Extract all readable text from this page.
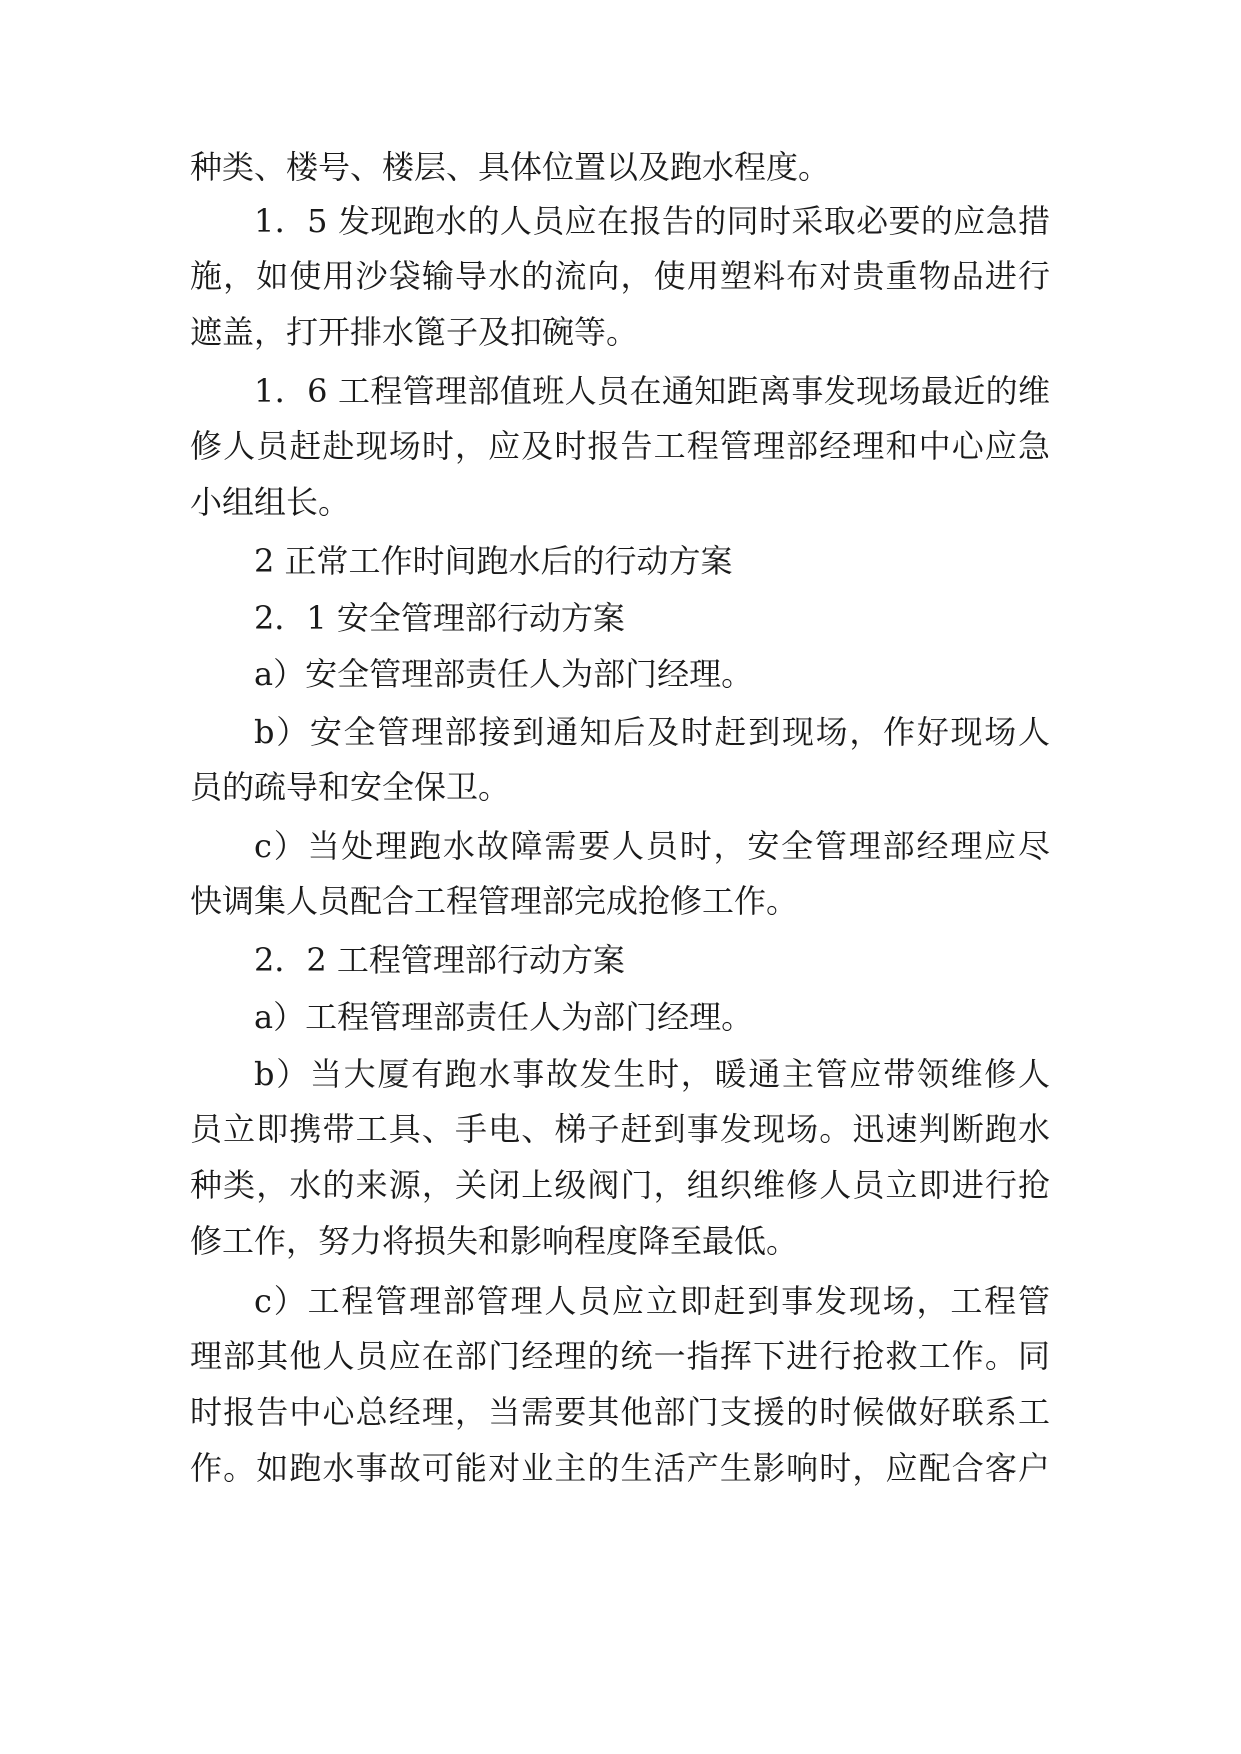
种类、楼号、楼层、具体位置以及跑水程度。
1．5 发现跑水的人员应在报告的同时采取必要的应急措
施，如使用沙袋输导水的流向，使用塑料布对贵重物品进行
遮盖，打开排水篦子及扣碗等。
1．6 工程管理部值班人员在通知距离事发现场最近的维
修人员赶赴现场时，应及时报告工程管理部经理和中心应急
小组组长。
2 正常工作时间跑水后的行动方案
2．1 安全管理部行动方案
a）安全管理部责任人为部门经理。
b）安全管理部接到通知后及时赶到现场，作好现场人
员的疏导和安全保卫。
c）当处理跑水故障需要人员时，安全管理部经理应尽
快调集人员配合工程管理部完成抢修工作。
2．2 工程管理部行动方案
a）工程管理部责任人为部门经理。
b）当大厦有跑水事故发生时，暖通主管应带领维修人
员立即携带工具、手电、梯子赶到事发现场。迅速判断跑水
种类，水的来源，关闭上级阀门，组织维修人员立即进行抢
修工作，努力将损失和影响程度降至最低。
c）工程管理部管理人员应立即赶到事发现场，工程管
理部其他人员应在部门经理的统一指挥下进行抢救工作。同
时报告中心总经理，当需要其他部门支援的时候做好联系工
作。如跑水事故可能对业主的生活产生影响时，应配合客户
